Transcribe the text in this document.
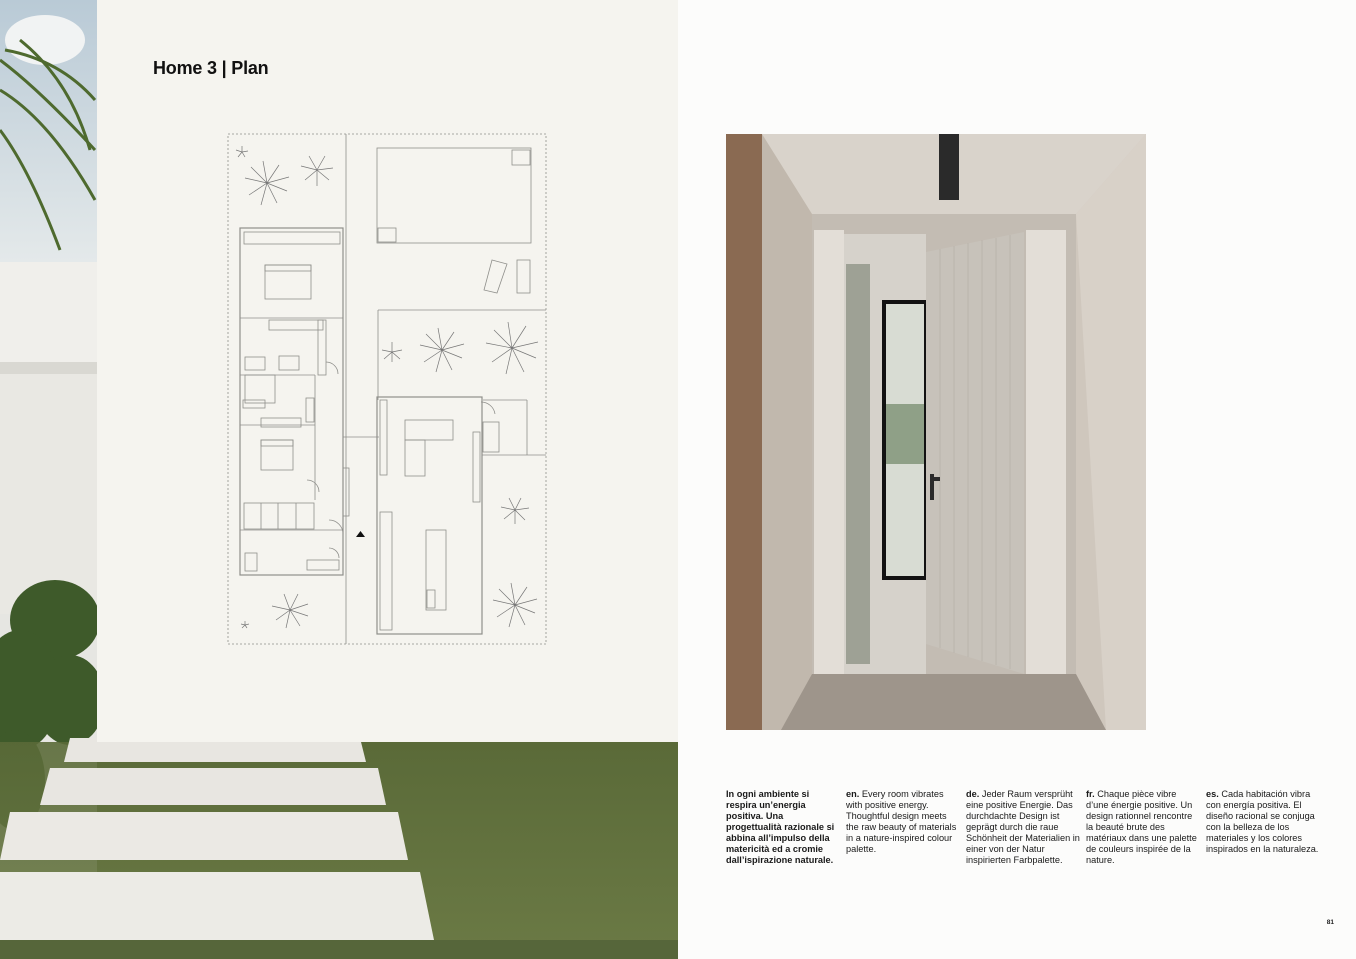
Home 3 | Plan

In ogni ambiente si respira un’energia positiva. Una progettualità razionale si abbina all’impulso della matericità ed a cromie dall’ispirazione naturale.

en. Every room vibrates with positive energy. Thoughtful design meets the raw beauty of materials in a nature-inspired colour palette.

de. Jeder Raum versprüht eine positive Energie. Das durchdachte Design ist geprägt durch die raue Schönheit der Materialien in einer von der Natur inspirierten Farbpalette.

fr. Chaque pièce vibre d’une énergie positive. Un design rationnel rencontre la beauté brute des matériaux dans une palette de couleurs inspirée de la nature.

es. Cada habitación vibra con energía positiva. El diseño racional se conjuga con la belleza de los materiales y los colores inspirados en la naturaleza.

81
